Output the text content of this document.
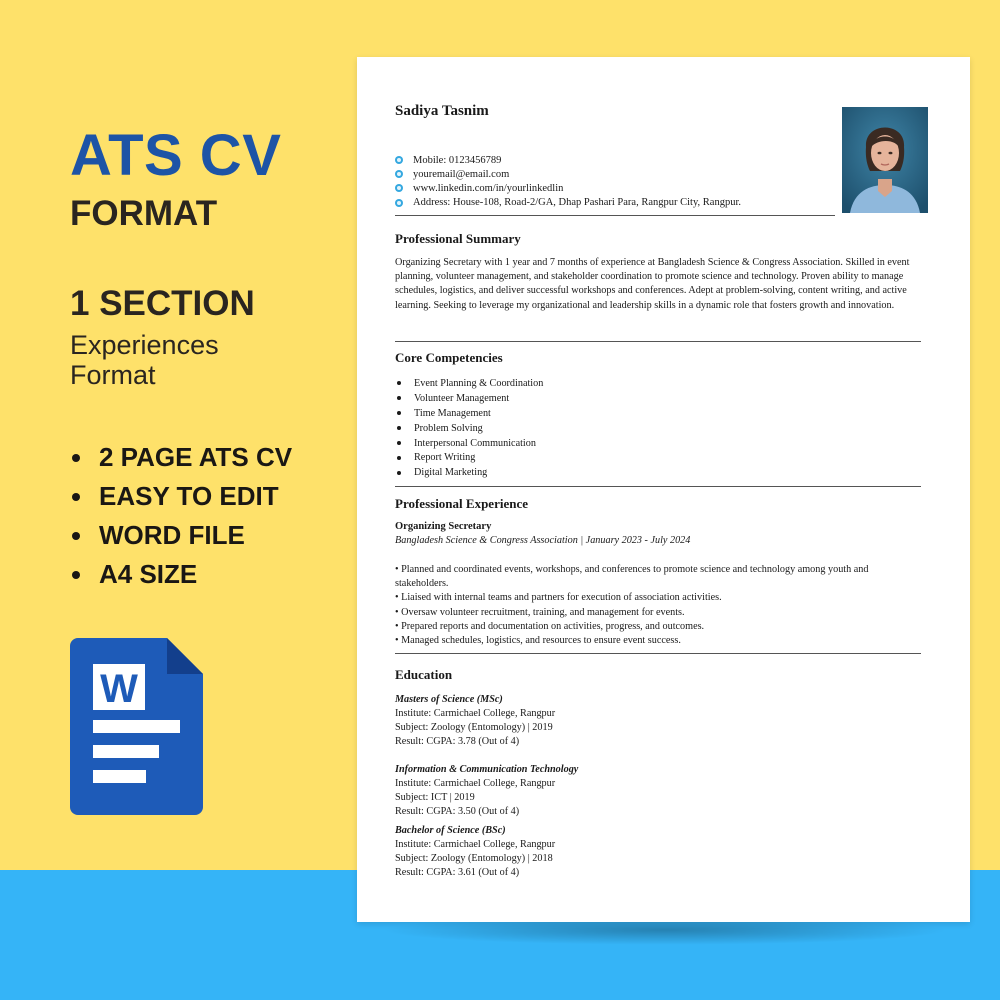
ATS CV
FORMAT
1 SECTION
Experiences
Format
2 PAGE ATS CV
EASY TO EDIT
WORD FILE
A4 SIZE
W
Sadiya Tasnim
Mobile: 0123456789
youremail@email.com
www.linkedin.com/in/yourlinkedlin
Address: House-108, Road-2/GA, Dhap Pashari Para, Rangpur City, Rangpur.
Professional Summary

Organizing Secretary with 1 year and 7 months of experience at Bangladesh Science & Congress Association. Skilled in event planning, volunteer management, and stakeholder coordination to promote science and technology. Proven ability to manage schedules, logistics, and deliver successful workshops and conferences. Adept at problem-solving, content writing, and active learning. Seeking to leverage my organizational and leadership skills in a dynamic role that fosters growth and innovation.

Core Competencies
Event Planning & Coordination
Volunteer Management
Time Management
Problem Solving
Interpersonal Communication
Report Writing
Digital Marketing
Professional Experience
Organizing Secretary
Bangladesh Science & Congress Association | January 2023 - July 2024

• Planned and coordinated events, workshops, and conferences to promote science and technology among youth and stakeholders.

• Liaised with internal teams and partners for execution of association activities.

• Oversaw volunteer recruitment, training, and management for events.

• Prepared reports and documentation on activities, progress, and outcomes.

• Managed schedules, logistics, and resources to ensure event success.

Education
Masters of Science (MSc)
Institute: Carmichael College, Rangpur
Subject: Zoology (Entomology) | 2019
Result: CGPA: 3.78 (Out of 4)
Information & Communication Technology
Institute: Carmichael College, Rangpur
Subject: ICT | 2019
Result: CGPA: 3.50 (Out of 4)
Bachelor of Science (BSc)
Institute: Carmichael College, Rangpur
Subject: Zoology (Entomology) | 2018
Result: CGPA: 3.61 (Out of 4)
